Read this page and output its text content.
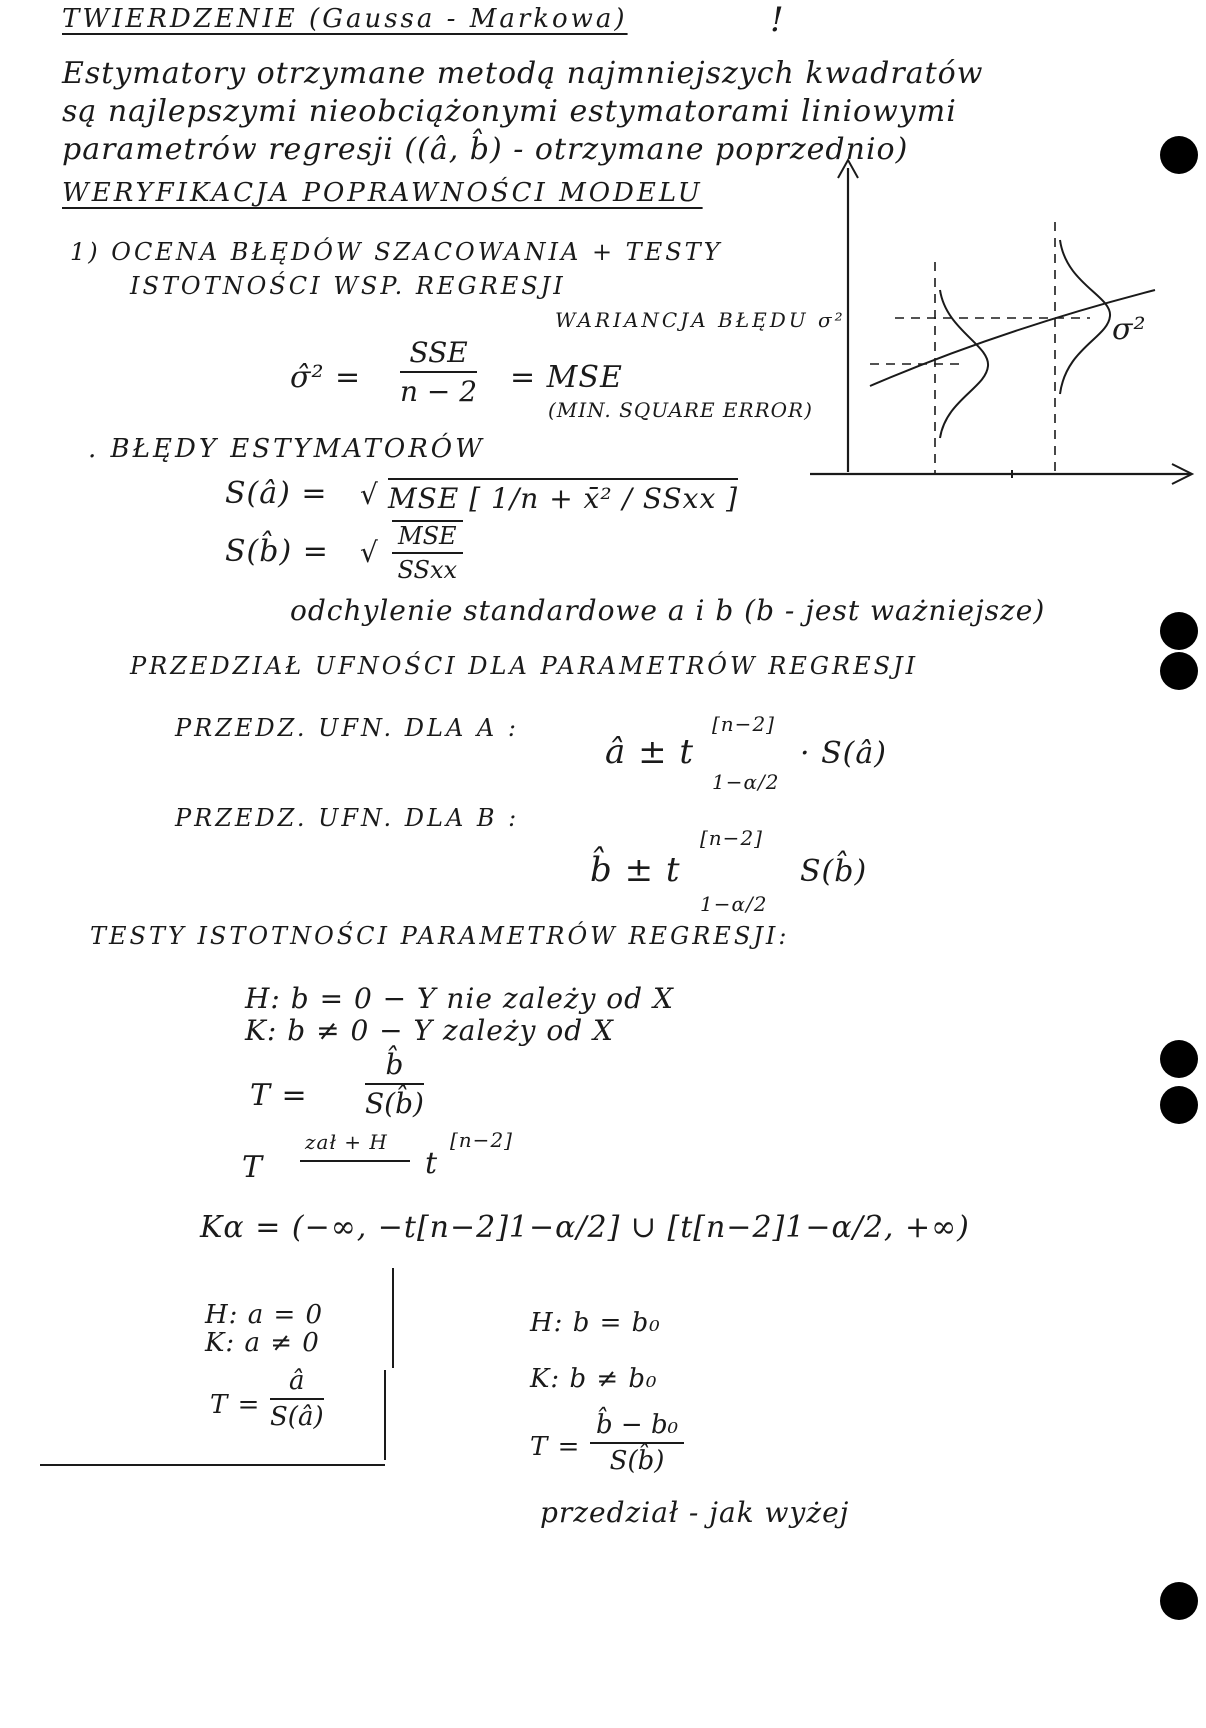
TWIERDZENIE (Gaussa - Markowa)	!
Estymatory otrzymane metodą najmniejszych kwadratów
są najlepszymi nieobciążonymi estymatorami liniowymi
parametrów regresji ((â, b̂) - otrzymane poprzednio)
WERYFIKACJA POPRAWNOŚCI MODELU
1) OCENA BŁĘDÓW SZACOWANIA + TESTY
ISTOTNOŚCI WSP. REGRESJI
WARIANCJA BŁĘDU σ²
σ̂² =
SSE
n − 2 = MSE
(MIN. SQUARE ERROR)
σ²
. BŁĘDY ESTYMATORÓW
S(â) = √ MSE [ 1/n + x̄² / SSxx ]
S(b̂) = √ MSE
SSxx
odchylenie standardowe a i b (b - jest ważniejsze)
PRZEDZIAŁ UFNOŚCI DLA PARAMETRÓW REGRESJI
PRZEDZ. UFN. DLA A :
â ± t
[n−2]
1−α/2
· S(â)
PRZEDZ. UFN. DLA B :
b̂ ± t
[n−2]
1−α/2
S(b̂)
TESTY ISTOTNOŚCI PARAMETRÓW REGRESJI:
H: b = 0 − Y nie zależy od X
K: b ≠ 0 − Y zależy od X
$T = \frac{b̂}{S(b̂)}$
T
zał + H
t
[n−2]
Kα = (−∞, −t[n−2]1−α/2] ∪ [t[n−2]1−α/2, +∞)
H: a = 0
K: a ≠ 0
$T = \frac{â}{S(â)}$
H: b = b₀
K: b ≠ b₀
$T = \frac{\text{b̂ − b₀}}{S(b̂)}$
przedział - jak wyżej
